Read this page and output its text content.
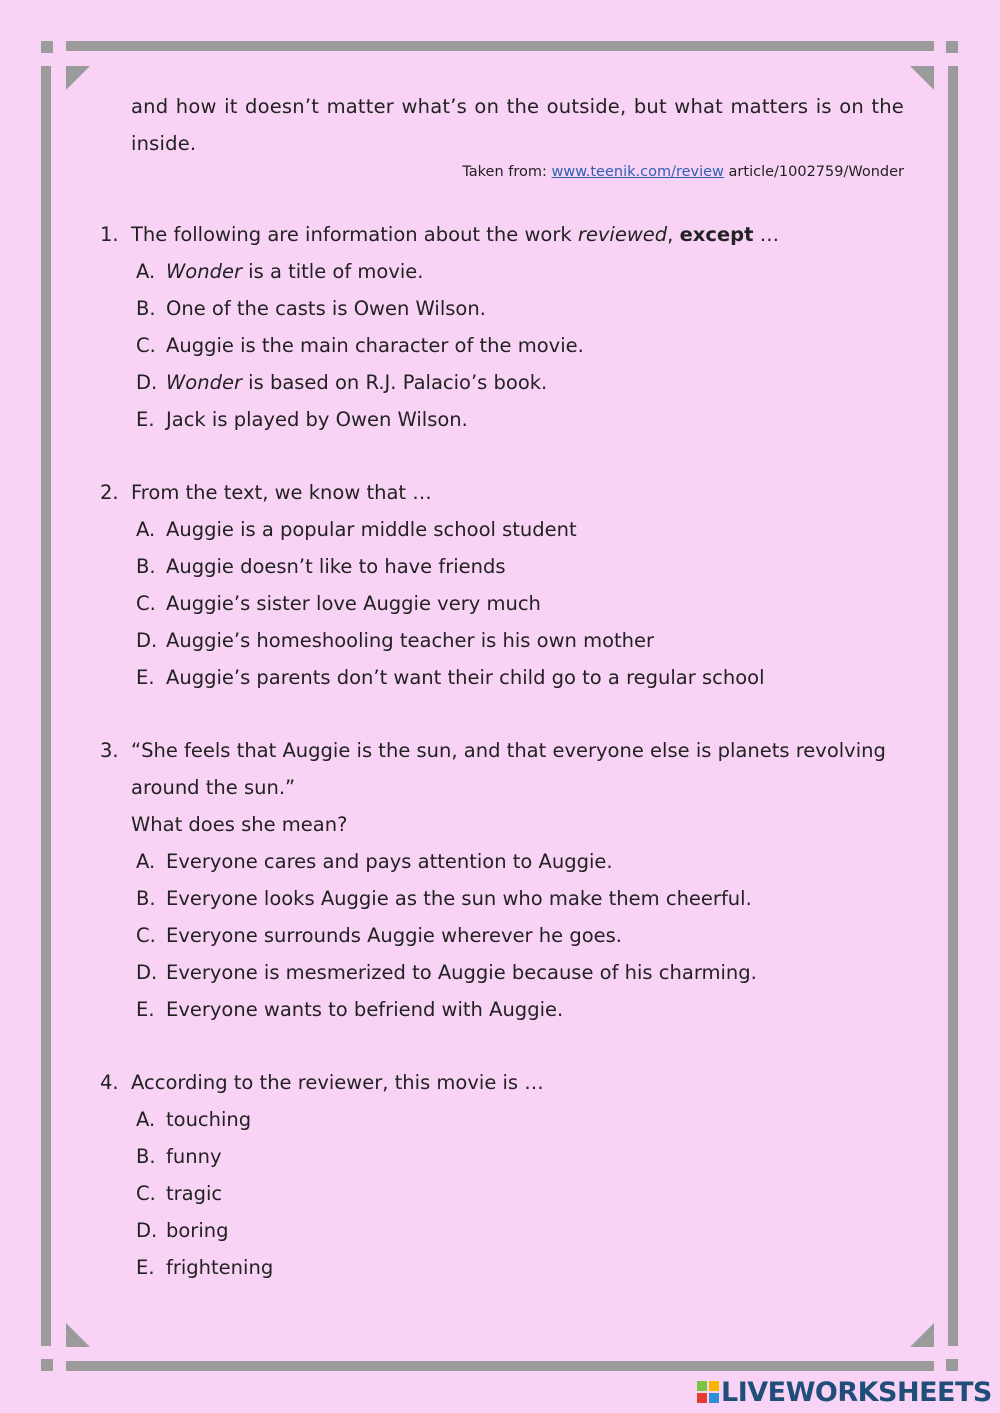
and how it doesn’t matter what’s on the outside, but what matters is on the inside.
Taken from: www.teenik.com/review article/1002759/Wonder
1. The following are information about the work reviewed, except …
A. Wonder is a title of movie.
B. One of the casts is Owen Wilson.
C. Auggie is the main character of the movie.
D. Wonder is based on R.J. Palacio’s book.
E. Jack is played by Owen Wilson.
2. From the text, we know that …
A. Auggie is a popular middle school student
B. Auggie doesn’t like to have friends
C. Auggie’s sister love Auggie very much
D. Auggie’s homeshooling teacher is his own mother
E. Auggie’s parents don’t want their child go to a regular school
3. “She feels that Auggie is the sun, and that everyone else is planets revolving around the sun.”
What does she mean?
A. Everyone cares and pays attention to Auggie.
B. Everyone looks Auggie as the sun who make them cheerful.
C. Everyone surrounds Auggie wherever he goes.
D. Everyone is mesmerized to Auggie because of his charming.
E. Everyone wants to befriend with Auggie.
4. According to the reviewer, this movie is …
A. touching
B. funny
C. tragic
D. boring
E. frightening
LIVEWORKSHEETS
